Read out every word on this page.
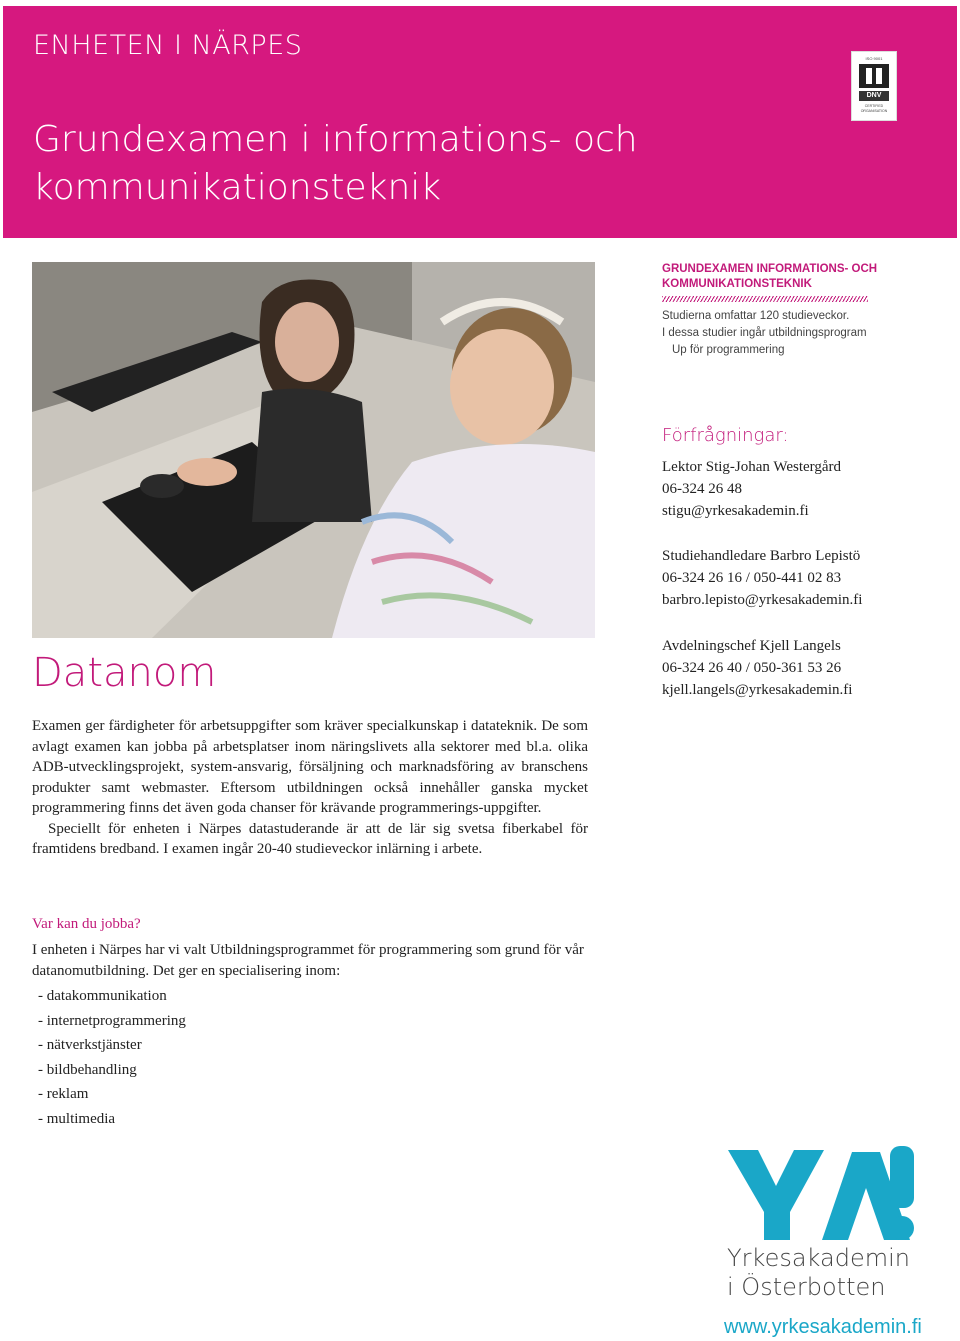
ENHETEN I NÄRPES
Grundexamen i informations- och
kommunikationsteknik
ISO 9001
DNV
CERTIFIED ORGANISATION
GRUNDEXAMEN INFORMATIONS- OCH
KOMMUNIKATIONSTEKNIK
Studierna omfattar 120 studieveckor.
I dessa studier ingår utbildningsprogram
Up för programmering
Förfrågningar:
Lektor Stig-Johan Westergård
06-324 26 48
stigu@yrkesakademin.fi
Studiehandledare Barbro Lepistö
06-324 26 16 / 050-441 02 83
barbro.lepisto@yrkesakademin.fi
Avdelningschef Kjell Langels
06-324 26 40 / 050-361 53 26
kjell.langels@yrkesakademin.fi
Datanom

Examen ger färdigheter för arbetsuppgifter som kräver specialkunskap i datateknik. De som avlagt examen kan jobba på arbetsplatser inom näringslivets alla sektorer med bl.a. olika ADB-utvecklingsprojekt, system-ansvarig, försäljning och marknadsföring av branschens produkter samt webmaster. Eftersom utbildningen också innehåller ganska mycket programmering finns det även goda chanser för krävande programmerings-uppgifter.

Speciellt för enheten i Närpes datastuderande är att de lär sig svetsa fiberkabel för framtidens bredband. I examen ingår 20-40 studieveckor inlärning i arbete.

Var kan du jobba?
I enheten i Närpes har vi valt Utbildningsprogrammet för programmering som grund för vår datanomutbildning. Det ger en specialisering inom:
- datakommunikation
- internetprogrammering
- nätverkstjänster
- bildbehandling
- reklam
- multimedia
Yrkesakademin
i Österbotten
www.yrkesakademin.fi
